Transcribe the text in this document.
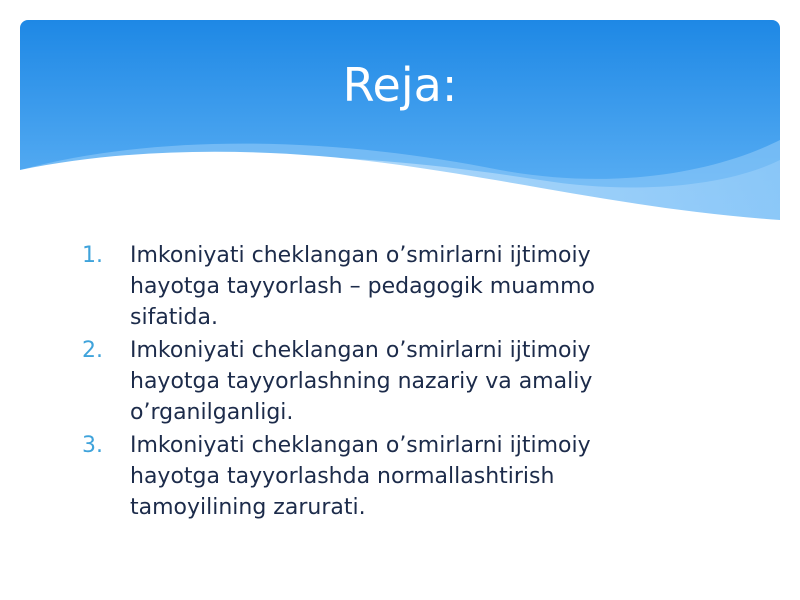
Reja:
1. Imkoniyati cheklangan o’smirlarni ijtimoiy
hayotga tayyorlash – pedagogik muammo
sifatida.
2. Imkoniyati cheklangan o’smirlarni ijtimoiy
hayotga tayyorlashning nazariy va amaliy
o’rganilganligi.
3. Imkoniyati cheklangan o’smirlarni ijtimoiy
hayotga tayyorlashda normallashtirish
tamoyilining zarurati.
